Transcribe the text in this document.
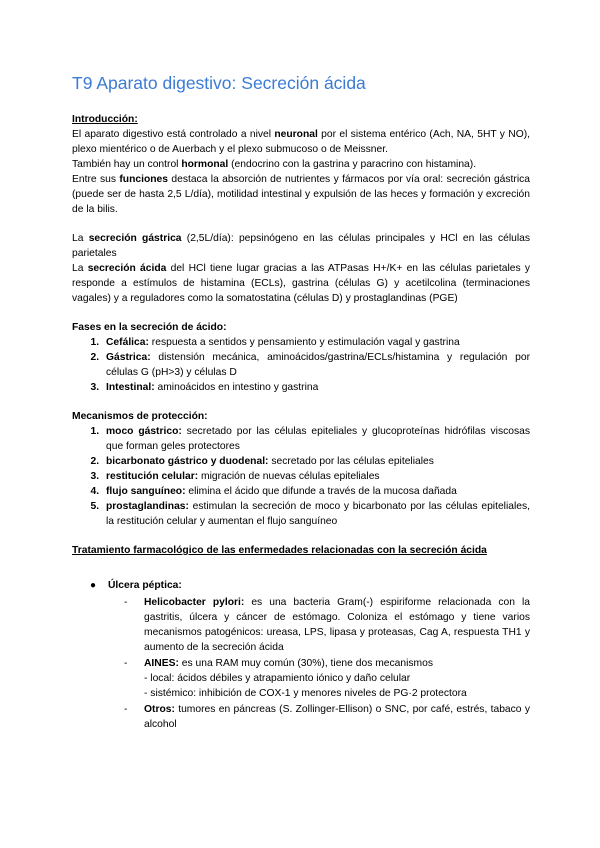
T9 Aparato digestivo: Secreción ácida
Introducción:

El aparato digestivo está controlado a nivel neuronal por el sistema entérico (Ach, NA, 5HT y NO), plexo mientérico o de Auerbach y el plexo submucoso o de Meissner.

También hay un control hormonal (endocrino con la gastrina y paracrino con histamina).

Entre sus funciones destaca la absorción de nutrientes y fármacos por vía oral: secreción gástrica (puede ser de hasta 2,5 L/día), motilidad intestinal y expulsión de las heces y formación y excreción de la bilis.

La secreción gástrica (2,5L/día): pepsinógeno en las células principales y HCl en las células parietales

La secreción ácida del HCl tiene lugar gracias a las ATPasas H+/K+ en las células parietales y responde a estímulos de histamina (ECLs), gastrina (células G) y acetilcolina (terminaciones vagales) y a reguladores como la somatostatina (células D) y prostaglandinas (PGE)

Fases en la secreción de ácido:
1. Cefálica: respuesta a sentidos y pensamiento y estimulación vagal y gastrina
2. Gástrica: distensión mecánica, aminoácidos/gastrina/ECLs/histamina y regulación por células G (pH>3) y células D
3. Intestinal: aminoácidos en intestino y gastrina
Mecanismos de protección:
1. moco gástrico: secretado por las células epiteliales y glucoproteínas hidrófilas viscosas que forman geles protectores
2. bicarbonato gástrico y duodenal: secretado por las células epiteliales
3. restitución celular: migración de nuevas células epiteliales
4. flujo sanguíneo: elimina el ácido que difunde a través de la mucosa dañada
5. prostaglandinas: estimulan la secreción de moco y bicarbonato por las células epiteliales, la restitución celular y aumentan el flujo sanguíneo
Tratamiento farmacológico de las enfermedades relacionadas con la secreción ácida
● Úlcera péptica:
- Helicobacter pylori: es una bacteria Gram(-) espiriforme relacionada con la gastritis, úlcera y cáncer de estómago. Coloniza el estómago y tiene varios mecanismos patogénicos: ureasa, LPS, lipasa y proteasas, Cag A, respuesta TH1 y aumento de la secreción ácida
- AINES: es una RAM muy común (30%), tiene dos mecanismos
- local: ácidos débiles y atrapamiento iónico y daño celular
- sistémico: inhibición de COX-1 y menores niveles de PG·2 protectora
- Otros: tumores en páncreas (S. Zollinger-Ellison) o SNC, por café, estrés, tabaco y alcohol
